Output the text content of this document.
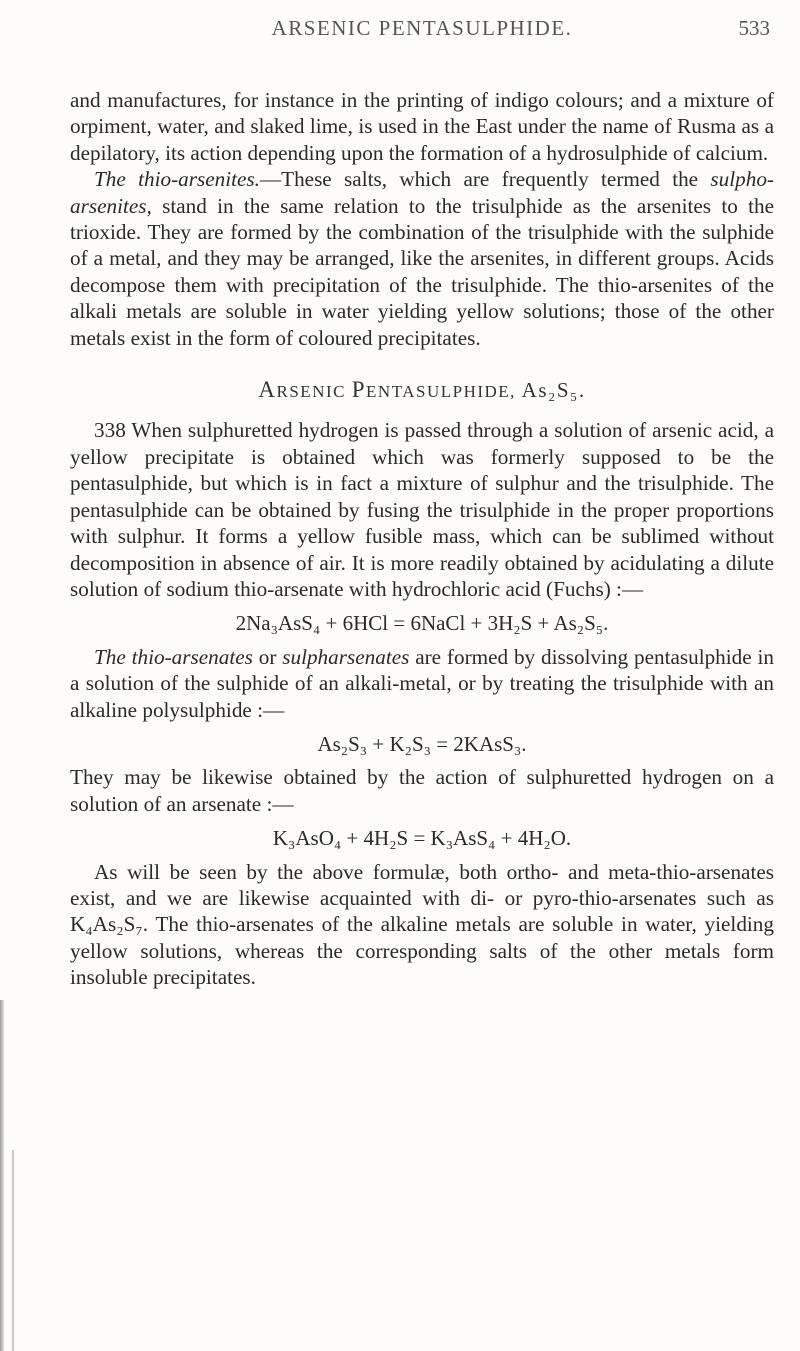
ARSENIC PENTASULPHIDE.	533

and manufactures, for instance in the printing of indigo colours; and a mixture of orpiment, water, and slaked lime, is used in the East under the name of Rusma as a depilatory, its action depending upon the formation of a hydrosulphide of calcium.

The thio-arsenites.—These salts, which are frequently termed the sulpho-arsenites, stand in the same relation to the trisulphide as the arsenites to the trioxide. They are formed by the combination of the trisulphide with the sulphide of a metal, and they may be arranged, like the arsenites, in different groups. Acids decompose them with precipitation of the trisulphide. The thio-arsenites of the alkali metals are soluble in water yielding yellow solutions; those of the other metals exist in the form of coloured precipitates.

ARSENIC PENTASULPHIDE, As₂S₅.

338 When sulphuretted hydrogen is passed through a solution of arsenic acid, a yellow precipitate is obtained which was formerly supposed to be the pentasulphide, but which is in fact a mixture of sulphur and the trisulphide. The pentasulphide can be obtained by fusing the trisulphide in the proper proportions with sulphur. It forms a yellow fusible mass, which can be sublimed without decomposition in absence of air. It is more readily obtained by acidulating a dilute solution of sodium thio-arsenate with hydrochloric acid (Fuchs) :—

2Na₃AsS₄ + 6HCl = 6NaCl + 3H₂S + As₂S₅.

The thio-arsenates or sulpharsenates are formed by dissolving pentasulphide in a solution of the sulphide of an alkali-metal, or by treating the trisulphide with an alkaline polysulphide :—

As₂S₃ + K₂S₃ = 2KAsS₃.

They may be likewise obtained by the action of sulphuretted hydrogen on a solution of an arsenate :—

K₃AsO₄ + 4H₂S = K₃AsS₄ + 4H₂O.

As will be seen by the above formulæ, both ortho- and meta-thio-arsenates exist, and we are likewise acquainted with di- or pyro-thio-arsenates such as K₄As₂S₇. The thio-arsenates of the alkaline metals are soluble in water, yielding yellow solutions, whereas the corresponding salts of the other metals form insoluble precipitates.
